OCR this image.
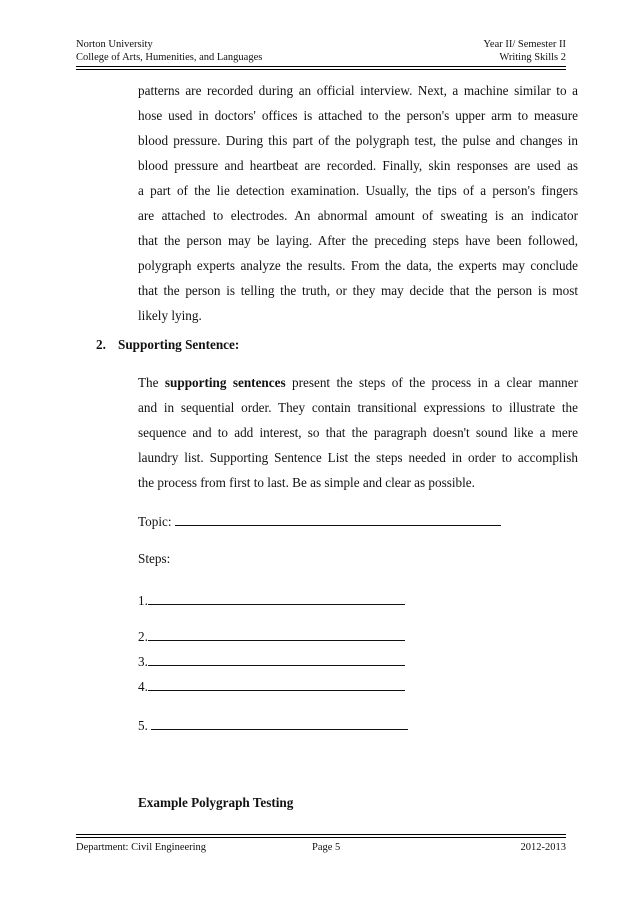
Norton University
College of Arts, Humenities, and Languages
Year II/ Semester II
Writing Skills 2
patterns are recorded during an official interview. Next, a machine similar to a
hose used in doctors' offices is attached to the person's upper arm to measure
blood pressure. During this part of the polygraph test, the pulse and changes in
blood pressure and heartbeat are recorded. Finally, skin responses are used as
a part of the lie detection examination. Usually, the tips of a person's fingers
are attached to electrodes. An abnormal amount of sweating is an indicator
that the person may be laying. After the preceding steps have been followed,
polygraph experts analyze the results. From the data, the experts may conclude
that the person is telling the truth, or they may decide that the person is most
likely lying.
2. Supporting Sentence:
The supporting sentences present the steps of the process in a clear manner
and in sequential order. They contain transitional expressions to illustrate the
sequence and to add interest, so that the paragraph doesn't sound like a mere
laundry list. Supporting Sentence List the steps needed in order to accomplish
the process from first to last. Be as simple and clear as possible.
Topic:
Steps:
1.
2.
3.
4.
5.
Example Polygraph Testing
Department: Civil Engineering	Page 5	2012-2013
